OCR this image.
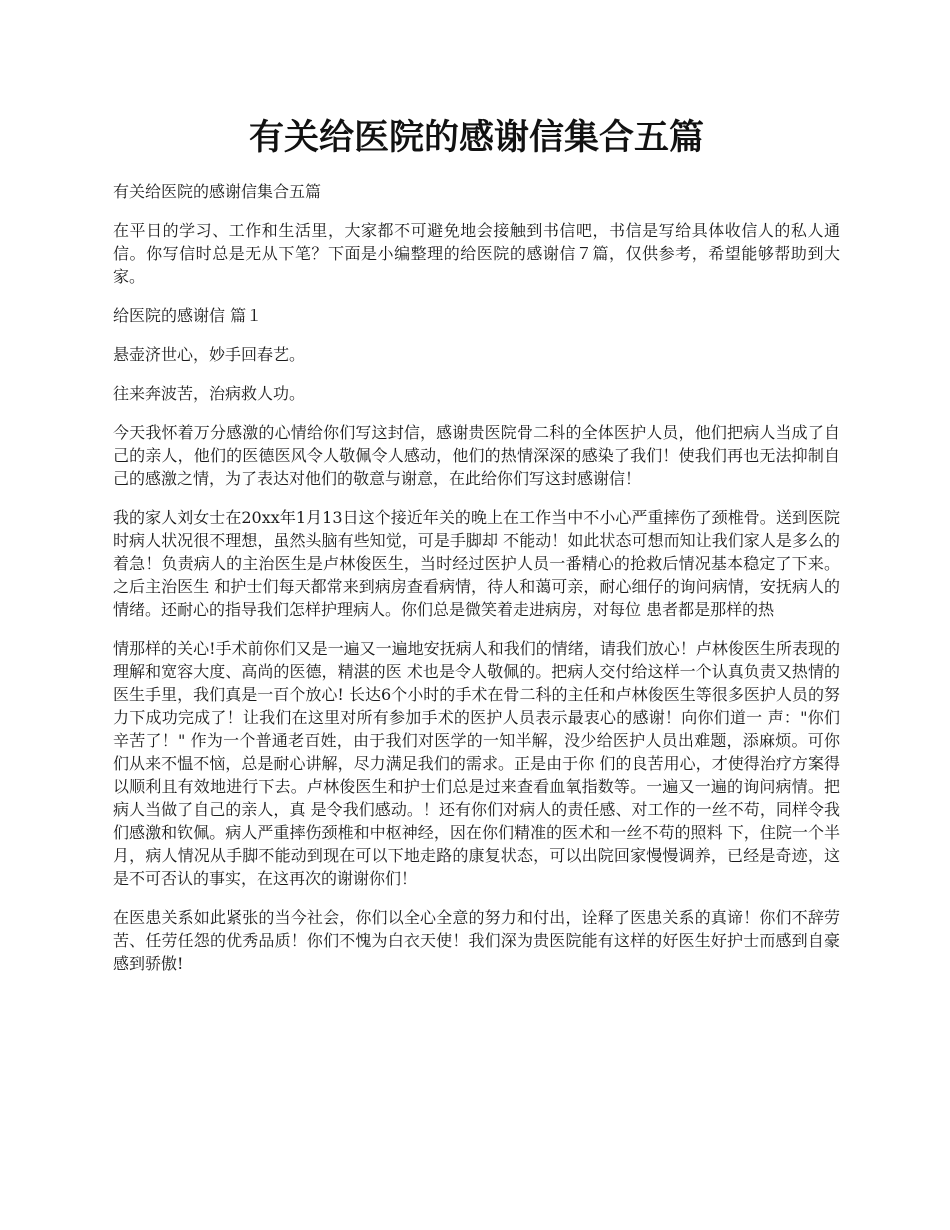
有关给医院的感谢信集合五篇

有关给医院的感谢信集合五篇

在平日的学习、工作和生活里，大家都不可避免地会接触到书信吧，书信是写给具体收信人的私人通信。你写信时总是无从下笔？下面是小编整理的给医院的感谢信７篇，仅供参考，希望能够帮助到大家。

给医院的感谢信 篇１

悬壶济世心，妙手回春艺。

往来奔波苦，治病救人功。

今天我怀着万分感激的心情给你们写这封信，感谢贵医院骨二科的全体医护人员，他们把病人当成了自己的亲人，他们的医德医风令人敬佩令人感动，他们的热情深深的感染了我们！使我们再也无法抑制自己的感激之情，为了表达对他们的敬意与谢意，在此给你们写这封感谢信！

我的家人刘女士在20xx年1月13日这个接近年关的晚上在工作当中不小心严重摔伤了颈椎骨。送到医院时病人状况很不理想，虽然头脑有些知觉，可是手脚却 不能动！如此状态可想而知让我们家人是多么的着急！负责病人的主治医生是卢林俊医生，当时经过医护人员一番精心的抢救后情况基本稳定了下来。之后主治医生 和护士们每天都常来到病房查看病情，待人和蔼可亲，耐心细仔的询问病情，安抚病人的情绪。还耐心的指导我们怎样护理病人。你们总是微笑着走进病房，对每位 患者都是那样的热

情那样的关心!手术前你们又是一遍又一遍地安抚病人和我们的情绪，请我们放心！卢林俊医生所表现的理解和宽容大度、高尚的医德，精湛的医 术也是令人敬佩的。把病人交付给这样一个认真负责又热情的医生手里，我们真是一百个放心! 长达6个小时的手术在骨二科的主任和卢林俊医生等很多医护人员的努力下成功完成了！让我们在这里对所有参加手术的医护人员表示最衷心的感谢！向你们道一 声："你们辛苦了！" 作为一个普通老百姓，由于我们对医学的一知半解，没少给医护人员出难题，添麻烦。可你们从来不愠不恼，总是耐心讲解，尽力满足我们的需求。正是由于你 们的良苦用心，才使得治疗方案得以顺利且有效地进行下去。卢林俊医生和护士们总是过来查看血氧指数等。一遍又一遍的询问病情。把病人当做了自己的亲人，真 是令我们感动。！还有你们对病人的责任感、对工作的一丝不苟，同样令我们感激和钦佩。病人严重摔伤颈椎和中枢神经，因在你们精准的医术和一丝不苟的照料 下，住院一个半月，病人情况从手脚不能动到现在可以下地走路的康复状态，可以出院回家慢慢调养，已经是奇迹，这是不可否认的事实，在这再次的谢谢你们！

在医患关系如此紧张的当今社会，你们以全心全意的努力和付出，诠释了医患关系的真谛！你们不辞劳苦、任劳任怨的优秀品质！你们不愧为白衣天使！我们深为贵医院能有这样的好医生好护士而感到自豪感到骄傲!
